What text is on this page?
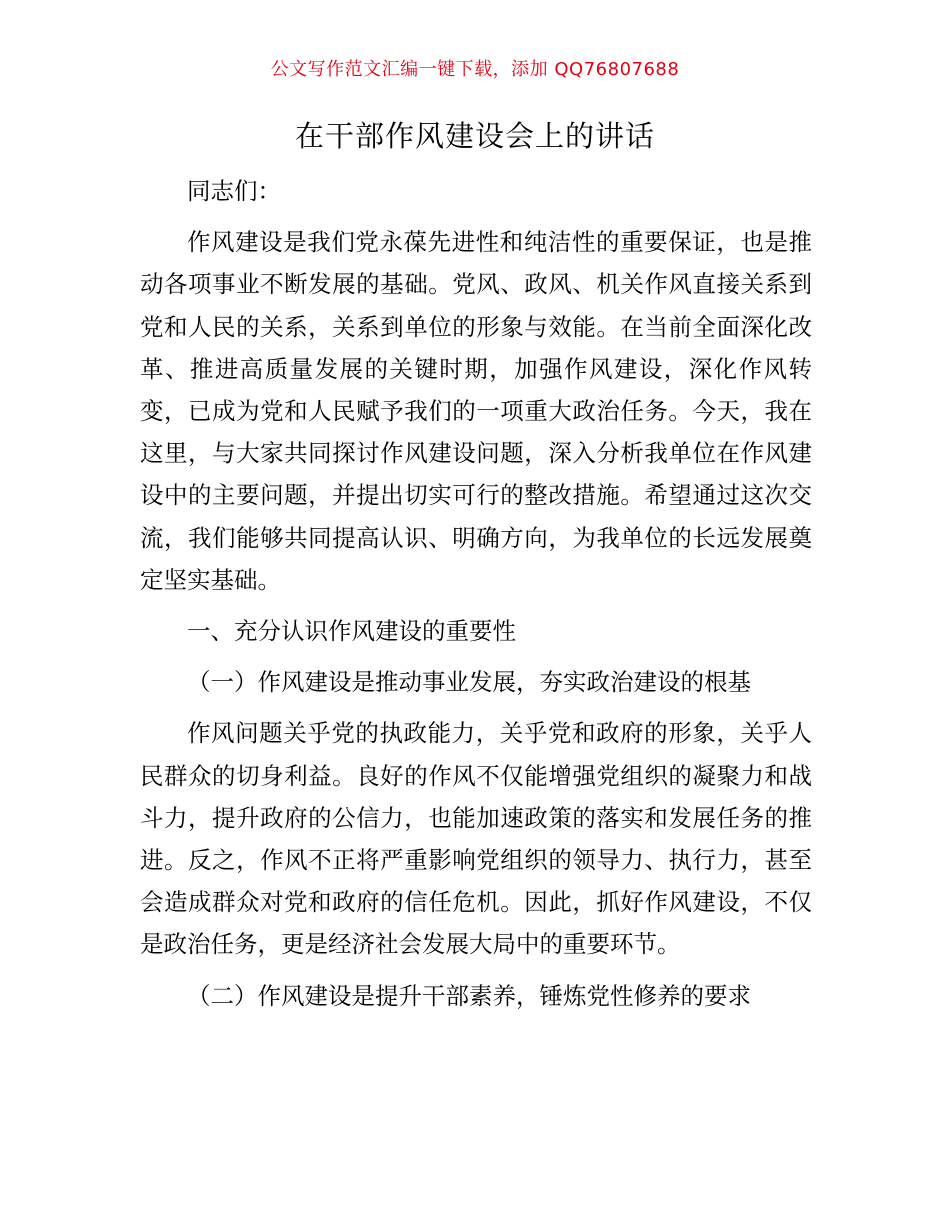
公文写作范文汇编一键下载，添加 QQ76807688
在干部作风建设会上的讲话

同志们：

作风建设是我们党永葆先进性和纯洁性的重要保证，也是推动各项事业不断发展的基础。党风、政风、机关作风直接关系到党和人民的关系，关系到单位的形象与效能。在当前全面深化改革、推进高质量发展的关键时期，加强作风建设，深化作风转变，已成为党和人民赋予我们的一项重大政治任务。今天，我在这里，与大家共同探讨作风建设问题，深入分析我单位在作风建设中的主要问题，并提出切实可行的整改措施。希望通过这次交流，我们能够共同提高认识、明确方向，为我单位的长远发展奠定坚实基础。

一、充分认识作风建设的重要性

（一）作风建设是推动事业发展，夯实政治建设的根基

作风问题关乎党的执政能力，关乎党和政府的形象，关乎人民群众的切身利益。良好的作风不仅能增强党组织的凝聚力和战斗力，提升政府的公信力，也能加速政策的落实和发展任务的推进。反之，作风不正将严重影响党组织的领导力、执行力，甚至会造成群众对党和政府的信任危机。因此，抓好作风建设，不仅是政治任务，更是经济社会发展大局中的重要环节。

（二）作风建设是提升干部素养，锤炼党性修养的要求
